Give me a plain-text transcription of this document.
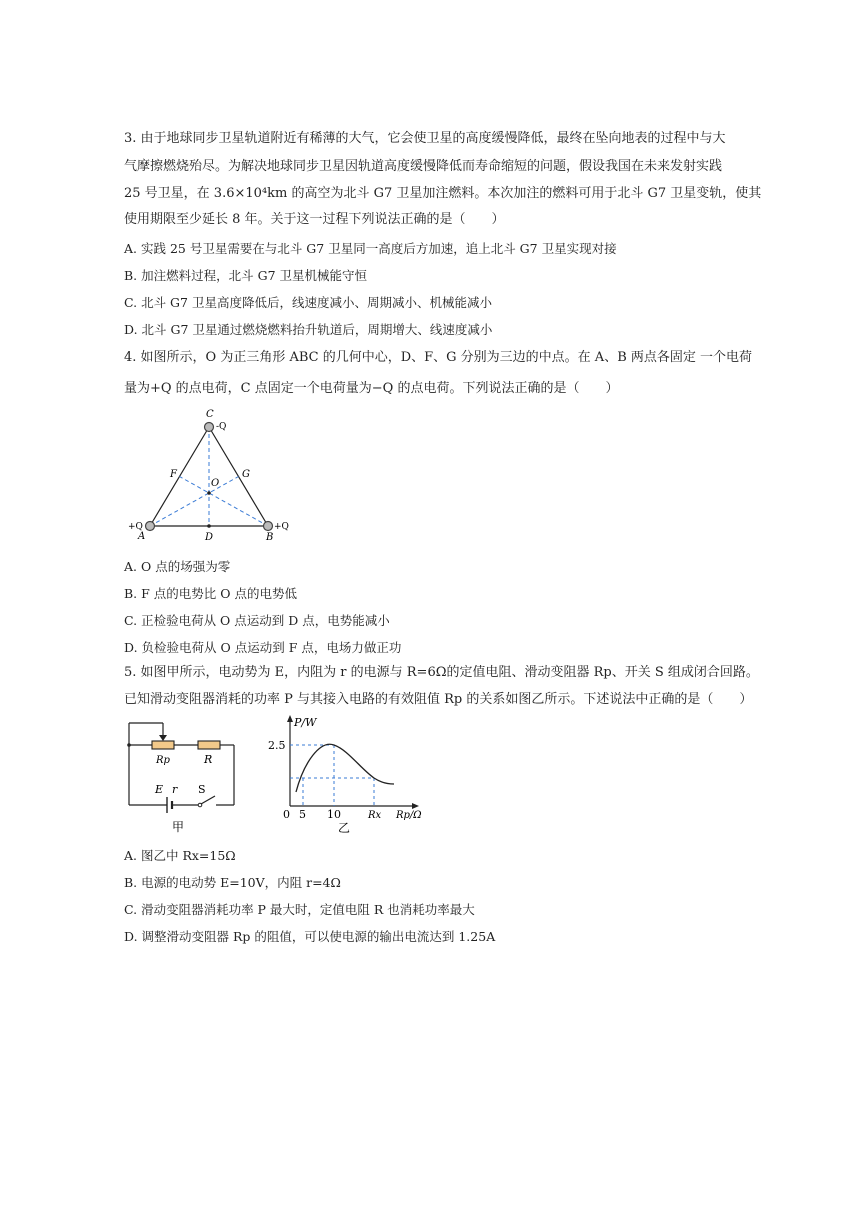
3. 由于地球同步卫星轨道附近有稀薄的大气，它会使卫星的高度缓慢降低，最终在坠向地表的过程中与大
气摩擦燃烧殆尽。为解决地球同步卫星因轨道高度缓慢降低而寿命缩短的问题，假设我国在未来发射实践
25 号卫星，在 3.6×10⁴km 的高空为北斗 G7 卫星加注燃料。本次加注的燃料可用于北斗 G7 卫星变轨，使其
使用期限至少延长 8 年。关于这一过程下列说法正确的是（　　）
A. 实践 25 号卫星需要在与北斗 G7 卫星同一高度后方加速，追上北斗 G7 卫星实现对接
B. 加注燃料过程，北斗 G7 卫星机械能守恒
C. 北斗 G7 卫星高度降低后，线速度减小、周期减小、机械能减小
D. 北斗 G7 卫星通过燃烧燃料抬升轨道后，周期增大、线速度减小
4. 如图所示，O 为正三角形 ABC 的几何中心，D、F、G 分别为三边的中点。在 A、B 两点各固定 一个电荷
量为+Q 的点电荷，C 点固定一个电荷量为−Q 的点电荷。下列说法正确的是（　　）
C
-Q
F	G
O
+Q	+Q
A	D	B
A. O 点的场强为零
B. F 点的电势比 O 点的电势低
C. 正检验电荷从 O 点运动到 D 点，电势能减小
D. 负检验电荷从 O 点运动到 F 点，电场力做正功
5. 如图甲所示，电动势为 E，内阻为 r 的电源与 R=6Ω的定值电阻、滑动变阻器 Rp、开关 S 组成闭合回路。
已知滑动变阻器消耗的功率 P 与其接入电路的有效阻值 Rp 的关系如图乙所示。下述说法中正确的是（　　）
Rp	R
E r S
甲
P/W
2.5
0 5 10	Rx Rp/Ω
乙
A. 图乙中 Rx=15Ω
B. 电源的电动势 E=10V，内阻 r=4Ω
C. 滑动变阻器消耗功率 P 最大时，定值电阻 R 也消耗功率最大
D. 调整滑动变阻器 Rp 的阻值，可以使电源的输出电流达到 1.25A
